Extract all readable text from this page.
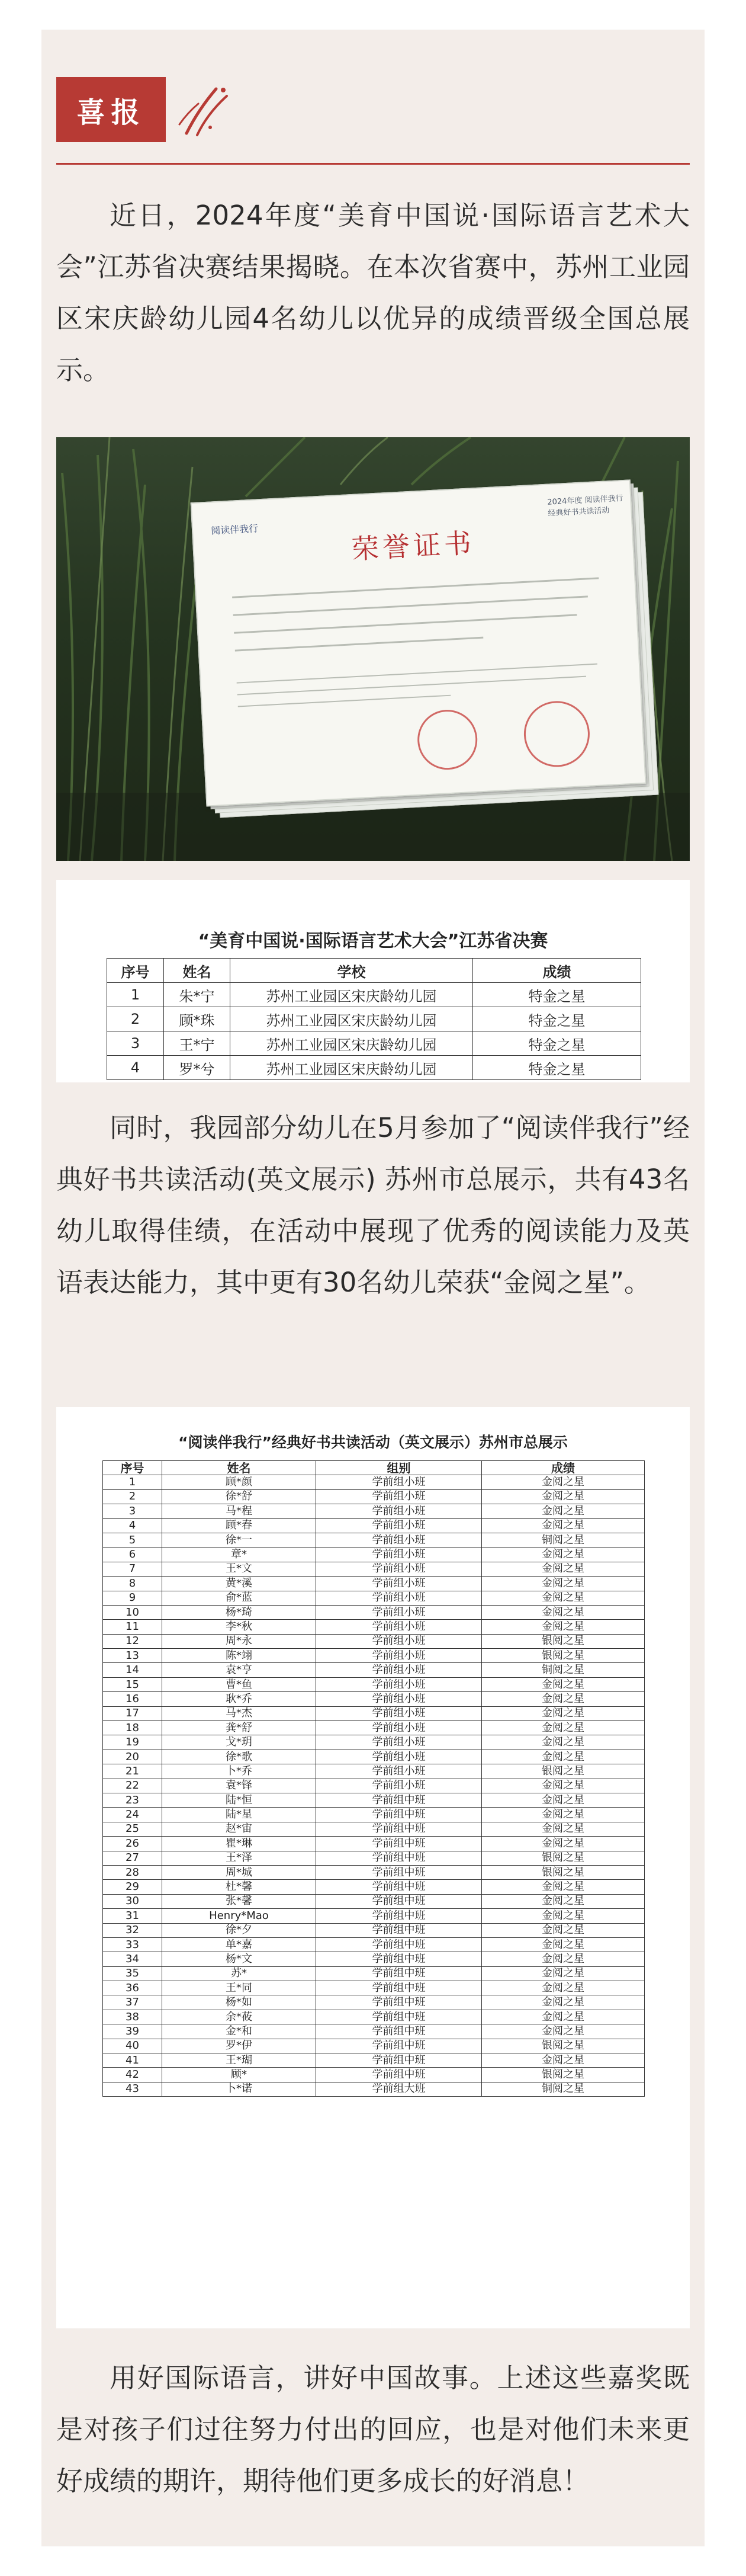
喜报
近日，2024年度“美育中国说·国际语言艺术大会”江苏省决赛结果揭晓。在本次省赛中，苏州工业园区宋庆龄幼儿园4名幼儿以优异的成绩晋级全国总展示。
阅读伴我行
2024年度 阅读伴我行 经典好书共读活动
荣誉证书
“美育中国说·国际语言艺术大会”江苏省决赛
序号	姓名	学校	成绩
1	朱*宁	苏州工业园区宋庆龄幼儿园	特金之星
2	顾*珠	苏州工业园区宋庆龄幼儿园	特金之星
3	王*宁	苏州工业园区宋庆龄幼儿园	特金之星
4	罗*兮	苏州工业园区宋庆龄幼儿园	特金之星
同时，我园部分幼儿在5月参加了“阅读伴我行”经典好书共读活动(英文展示) 苏州市总展示，共有43名幼儿取得佳绩，在活动中展现了优秀的阅读能力及英语表达能力，其中更有30名幼儿荣获“金阅之星”。
“阅读伴我行”经典好书共读活动（英文展示）苏州市总展示
序号	姓名	组别	成绩
1	顾*颜	学前组小班	金阅之星
2	徐*舒	学前组小班	金阅之星
3	马*程	学前组小班	金阅之星
4	顾*春	学前组小班	金阅之星
5	徐*一	学前组小班	铜阅之星
6	章*	学前组小班	金阅之星
7	王*文	学前组小班	金阅之星
8	黄*溪	学前组小班	金阅之星
9	俞*蓝	学前组小班	金阅之星
10	杨*琦	学前组小班	金阅之星
11	李*秋	学前组小班	金阅之星
12	周*永	学前组小班	银阅之星
13	陈*翊	学前组小班	银阅之星
14	袁*亨	学前组小班	铜阅之星
15	曹*鱼	学前组小班	金阅之星
16	耿*乔	学前组小班	金阅之星
17	马*杰	学前组小班	金阅之星
18	龚*舒	学前组小班	金阅之星
19	戈*玥	学前组小班	金阅之星
20	徐*歌	学前组小班	金阅之星
21	卜*乔	学前组小班	银阅之星
22	袁*铎	学前组小班	金阅之星
23	陆*恒	学前组中班	金阅之星
24	陆*星	学前组中班	金阅之星
25	赵*宙	学前组中班	金阅之星
26	瞿*琳	学前组中班	金阅之星
27	王*泽	学前组中班	银阅之星
28	周*城	学前组中班	银阅之星
29	杜*馨	学前组中班	金阅之星
30	张*馨	学前组中班	金阅之星
31	Henry*Mao	学前组中班	金阅之星
32	徐*夕	学前组中班	金阅之星
33	单*嘉	学前组中班	金阅之星
34	杨*文	学前组中班	金阅之星
35	苏*	学前组中班	金阅之星
36	王*同	学前组中班	金阅之星
37	杨*如	学前组中班	金阅之星
38	余*莜	学前组中班	金阅之星
39	金*和	学前组中班	金阅之星
40	罗*伊	学前组中班	银阅之星
41	王*瑚	学前组中班	金阅之星
42	顾*	学前组中班	银阅之星
43	卜*诺	学前组大班	铜阅之星
用好国际语言，讲好中国故事。上述这些嘉奖既是对孩子们过往努力付出的回应，也是对他们未来更好成绩的期许，期待他们更多成长的好消息！
